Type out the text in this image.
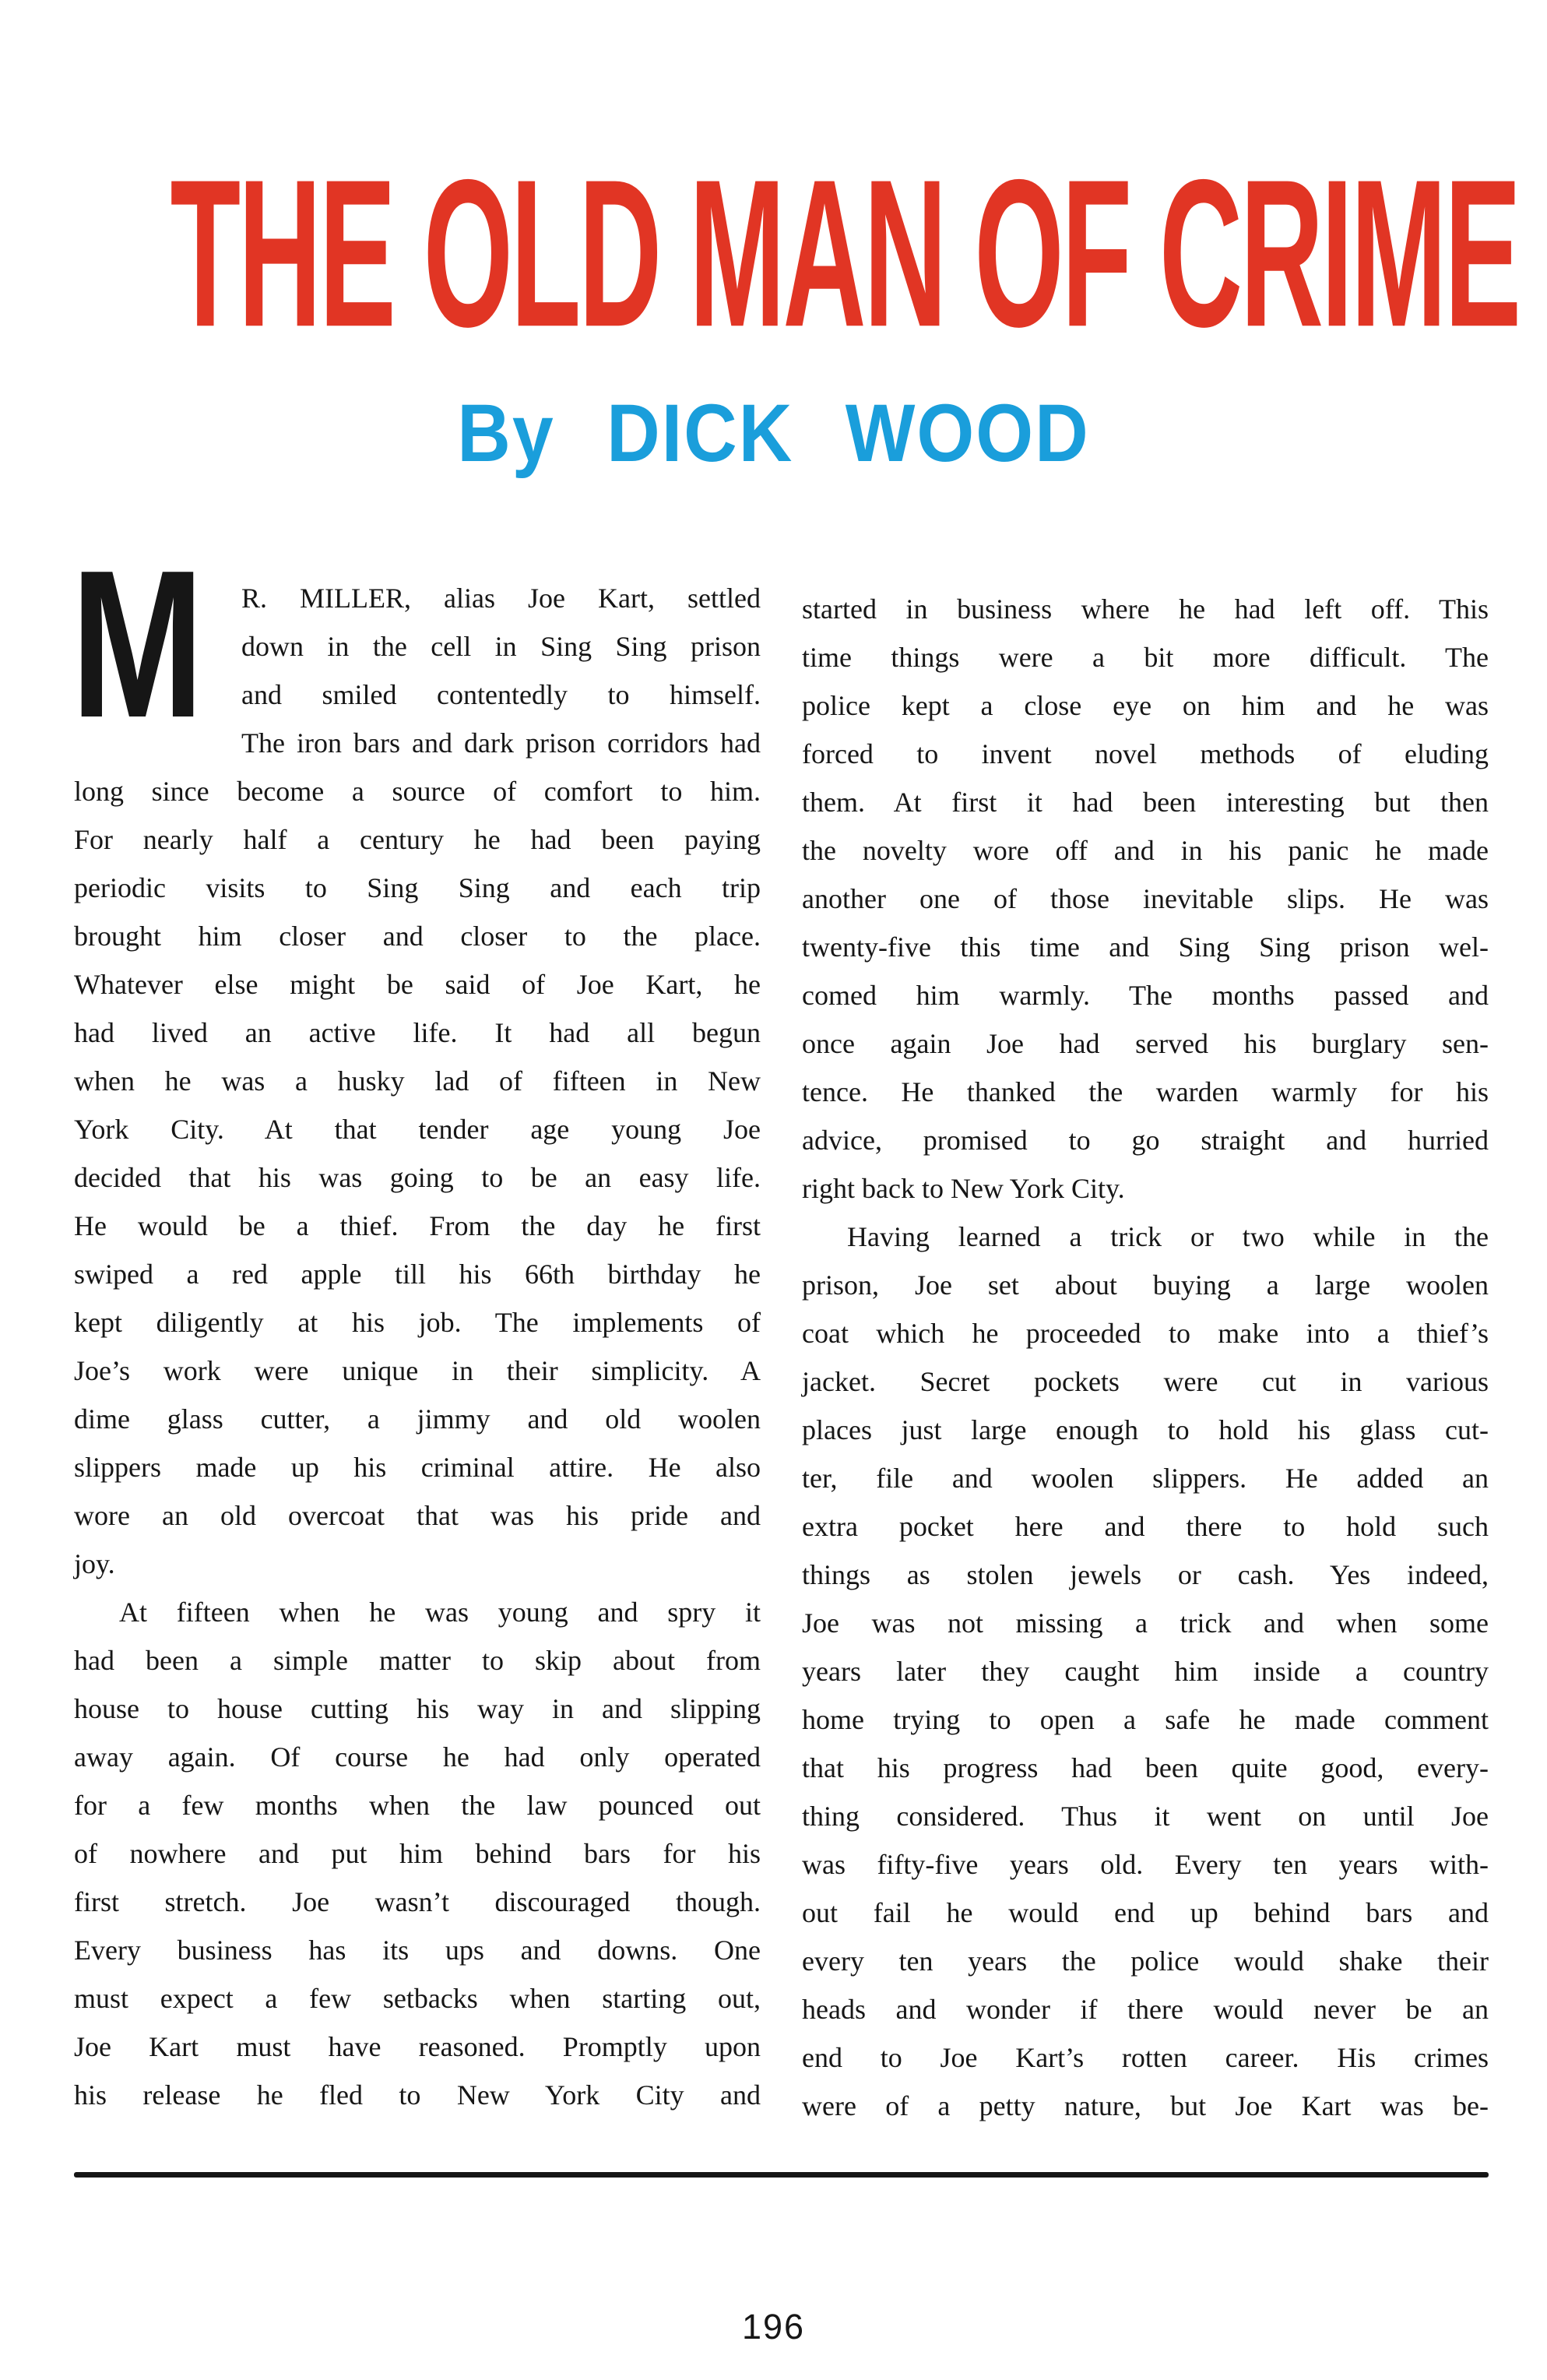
THE OLD MAN OF CRIME
By DICK WOOD
M	R. MILLER, alias Joe Kart, settled
down in the cell in Sing Sing prison
and smiled contentedly to himself.
The iron bars and dark prison corridors had
long since become a source of comfort to him.
For nearly half a century he had been paying
periodic visits to Sing Sing and each trip
brought him closer and closer to the place.
Whatever else might be said of Joe Kart, he
had lived an active life. It had all begun
when he was a husky lad of fifteen in New
York City. At that tender age young Joe
decided that his was going to be an easy life.
He would be a thief. From the day he first
swiped a red apple till his 66th birthday he
kept diligently at his job. The implements of
Joe’s work were unique in their simplicity. A
dime glass cutter, a jimmy and old woolen
slippers made up his criminal attire. He also
wore an old overcoat that was his pride and
joy.
At fifteen when he was young and spry it
had been a simple matter to skip about from
house to house cutting his way in and slipping
away again. Of course he had only operated
for a few months when the law pounced out
of nowhere and put him behind bars for his
first stretch. Joe wasn’t discouraged though.
Every business has its ups and downs. One
must expect a few setbacks when starting out,
Joe Kart must have reasoned. Promptly upon
his release he fled to New York City and
started in business where he had left off. This
time things were a bit more difficult. The
police kept a close eye on him and he was
forced to invent novel methods of eluding
them. At first it had been interesting but then
the novelty wore off and in his panic he made
another one of those inevitable slips. He was
twenty-five this time and Sing Sing prison wel-
comed him warmly. The months passed and
once again Joe had served his burglary sen-
tence. He thanked the warden warmly for his
advice, promised to go straight and hurried
right back to New York City.
Having learned a trick or two while in the
prison, Joe set about buying a large woolen
coat which he proceeded to make into a thief’s
jacket. Secret pockets were cut in various
places just large enough to hold his glass cut-
ter, file and woolen slippers. He added an
extra pocket here and there to hold such
things as stolen jewels or cash. Yes indeed,
Joe was not missing a trick and when some
years later they caught him inside a country
home trying to open a safe he made comment
that his progress had been quite good, every-
thing considered. Thus it went on until Joe
was fifty-five years old. Every ten years with-
out fail he would end up behind bars and
every ten years the police would shake their
heads and wonder if there would never be an
end to Joe Kart’s rotten career. His crimes
were of a petty nature, but Joe Kart was be-
196
